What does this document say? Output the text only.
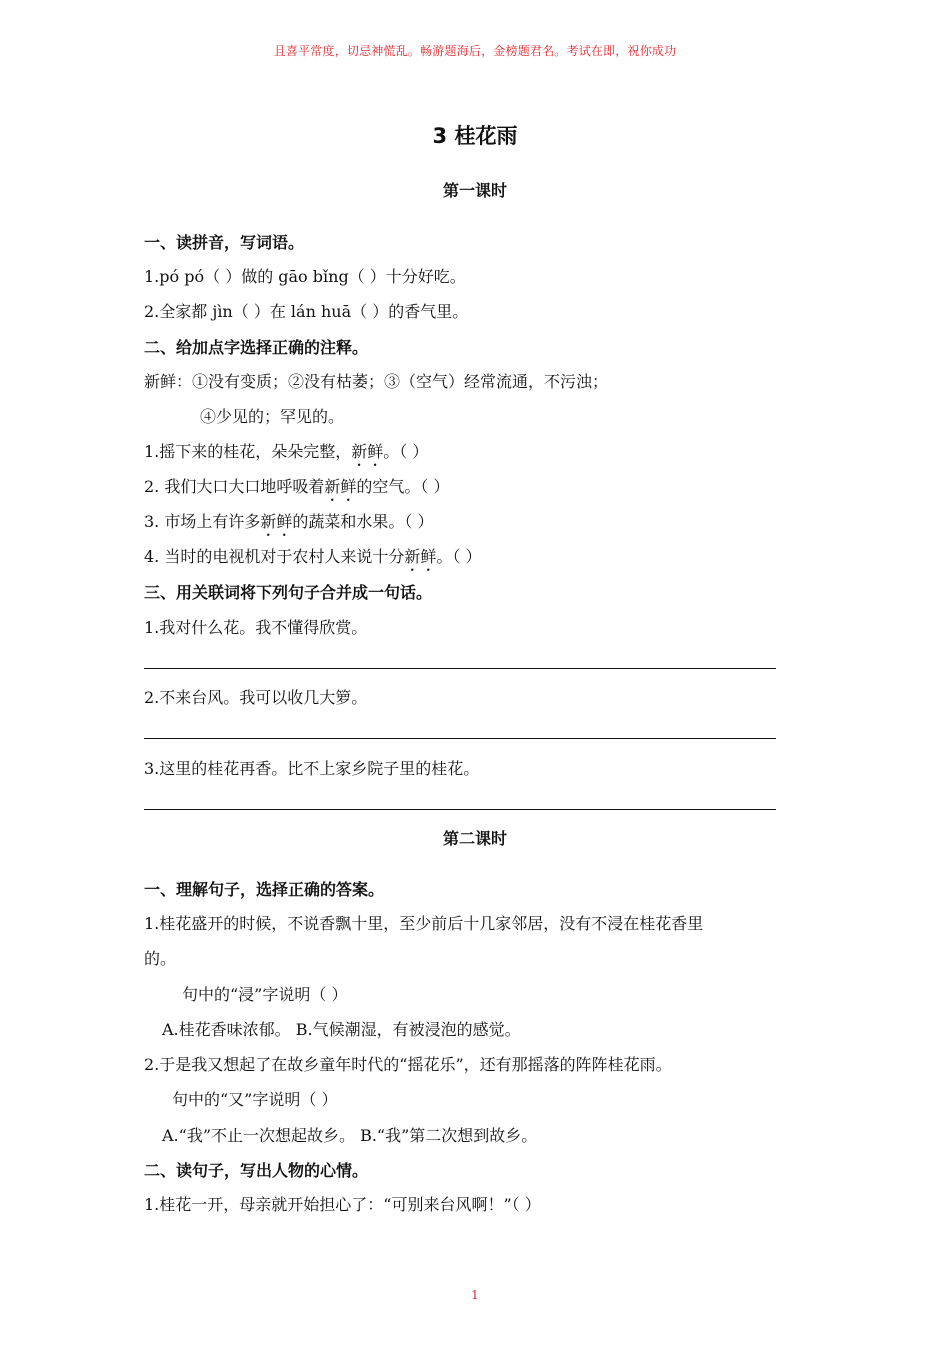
且喜平常度，切忌神慌乱。畅游题海后，金榜题君名。考试在即，祝你成功
3 桂花雨
第一课时
一、读拼音，写词语。
1.pó pó（ ）做的 gāo bǐng（ ）十分好吃。
2.全家都 jìn（ ）在 lán huā（ ）的香气里。
二、给加点字选择正确的注释。
新鲜：①没有变质；②没有枯萎；③（空气）经常流通，不污浊；
④少见的；罕见的。
1.摇下来的桂花，朵朵完整，新鲜。（ ）
2. 我们大口大口地呼吸着新鲜的空气。（ ）
3. 市场上有许多新鲜的蔬菜和水果。（ ）
4. 当时的电视机对于农村人来说十分新鲜。（ ）
三、用关联词将下列句子合并成一句话。
1.我对什么花。我不懂得欣赏。
2.不来台风。我可以收几大箩。
3.这里的桂花再香。比不上家乡院子里的桂花。
第二课时
一、理解句子，选择正确的答案。
1.桂花盛开的时候，不说香飘十里，至少前后十几家邻居，没有不浸在桂花香里
的。
句中的“浸”字说明（ ）
A.桂花香味浓郁。 B.气候潮湿，有被浸泡的感觉。
2.于是我又想起了在故乡童年时代的“摇花乐”，还有那摇落的阵阵桂花雨。
句中的“又”字说明（ ）
A.“我”不止一次想起故乡。 B.“我”第二次想到故乡。
二、读句子，写出人物的心情。
1.桂花一开，母亲就开始担心了：“可别来台风啊！”（ ）
1
